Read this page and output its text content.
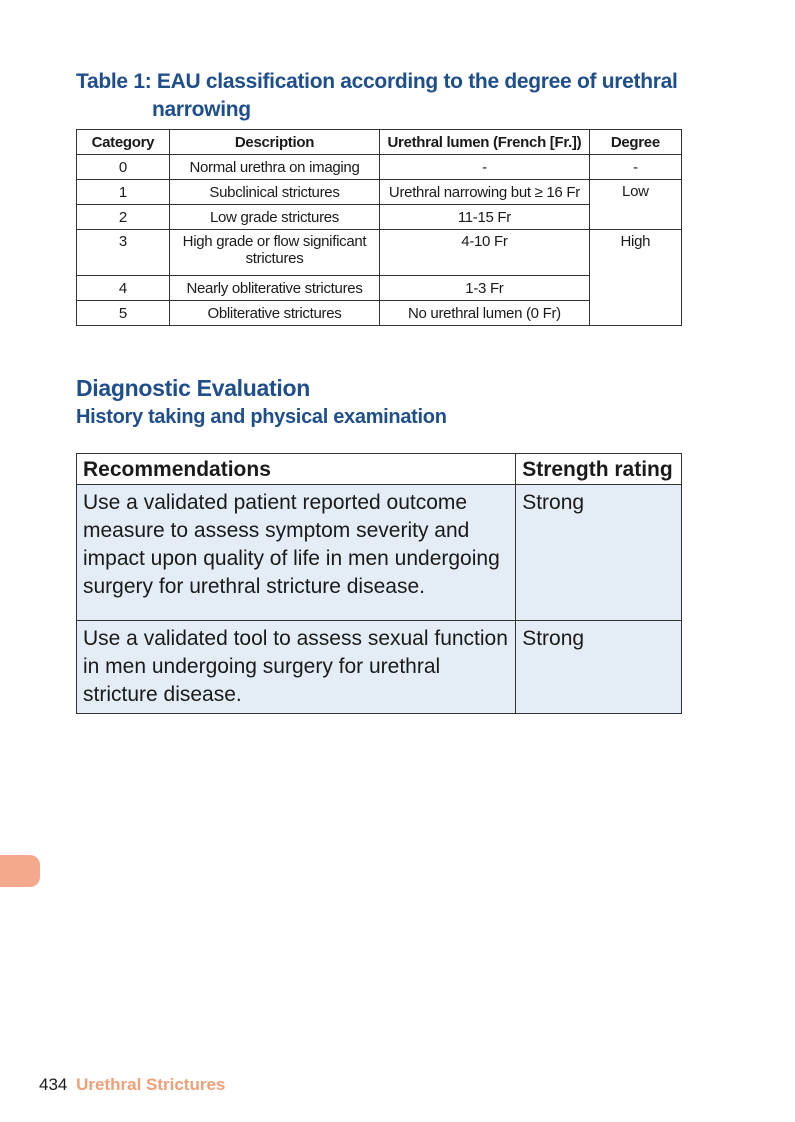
Table 1: EAU classification according to the degree of urethral
narrowing
Category	Description	Urethral lumen (French [Fr.])	Degree
0	Normal urethra on imaging	-	-
1	Subclinical strictures	Urethral narrowing but ≥ 16 Fr	Low
2	Low grade strictures	11-15 Fr	
3	High grade or flow significant strictures	4-10 Fr	High
4	Nearly obliterative strictures	1-3 Fr	
5	Obliterative strictures	No urethral lumen (0 Fr)	
Diagnostic Evaluation
History taking and physical examination
Recommendations	Strength rating
Use a validated patient reported outcome measure to assess symptom severity and impact upon quality of life in men undergoing surgery for urethral stricture disease.	Strong
Use a validated tool to assess sexual function in men undergoing surgery for urethral stricture disease.	Strong
434 Urethral Strictures
